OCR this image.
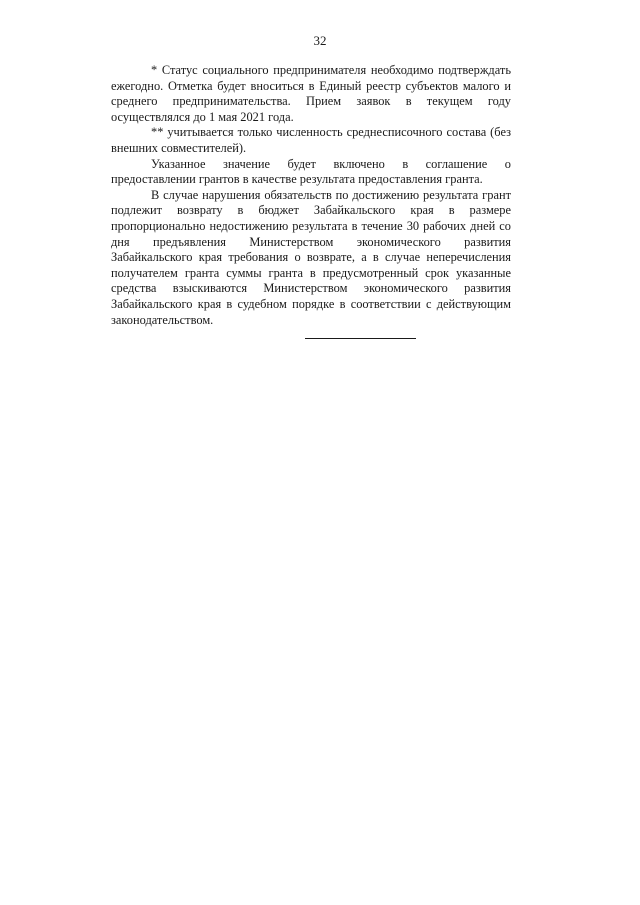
32

* Статус социального предпринимателя необходимо подтверждать ежегодно. Отметка будет вноситься в Единый реестр субъектов малого и среднего предпринимательства. Прием заявок в текущем году осуществлялся до 1 мая 2021 года.

** учитывается только численность среднесписочного состава (без внешних совместителей).

Указанное значение будет включено в соглашение о предоставлении грантов в качестве результата предоставления гранта.

В случае нарушения обязательств по достижению результата грант подлежит возврату в бюджет Забайкальского края в размере пропорционально недостижению результата в течение 30 рабочих дней со дня предъявления Министерством экономического развития Забайкальского края требования о возврате, а в случае неперечисления получателем гранта суммы гранта в предусмотренный срок указанные средства взыскиваются Министерством экономического развития Забайкальского края в судебном порядке в соответствии с действующим законодательством.
